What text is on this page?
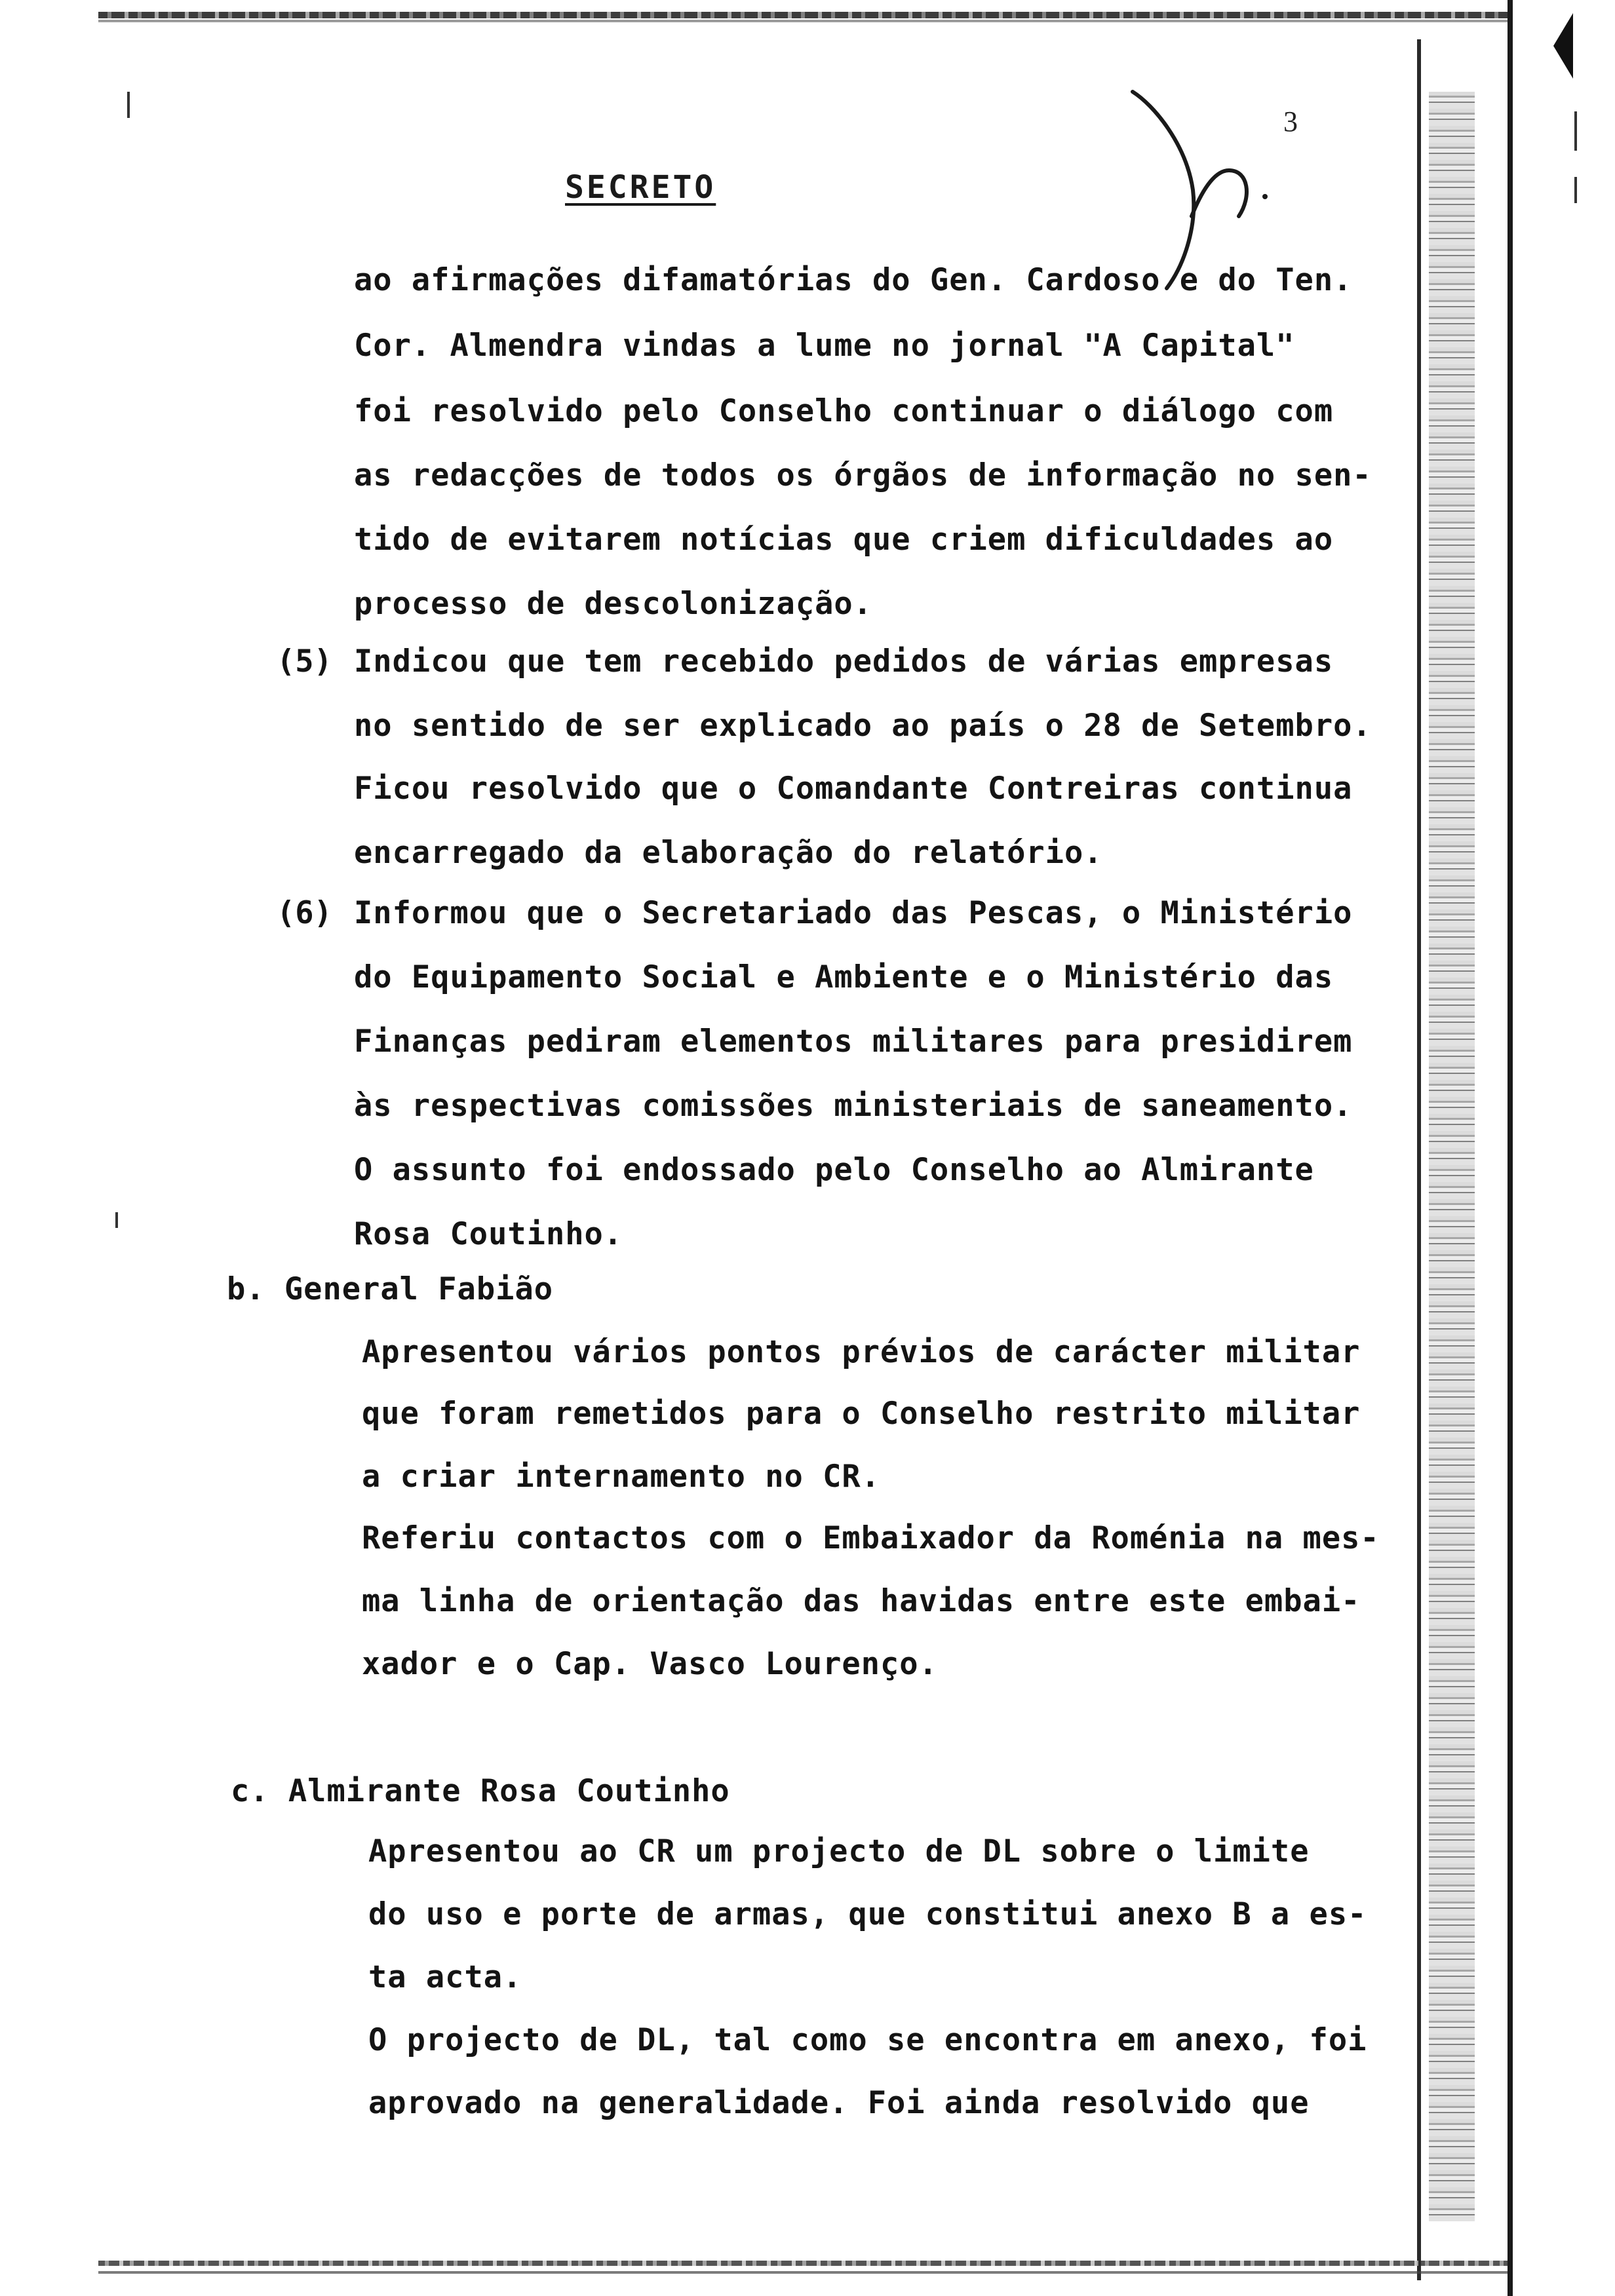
3
SECRETO
ao afirmações difamatórias do Gen. Cardoso e do Ten.
Cor. Almendra vindas a lume no jornal "A Capital"
foi resolvido pelo Conselho continuar o diálogo com
as redacções de todos os órgãos de informação no sen-
tido de evitarem notícias que criem dificuldades ao
processo de descolonização.
(5) Indicou que tem recebido pedidos de várias empresas
no sentido de ser explicado ao país o 28 de Setembro.
Ficou resolvido que o Comandante Contreiras continua
encarregado da elaboração do relatório.
(6) Informou que o Secretariado das Pescas, o Ministério
do Equipamento Social e Ambiente e o Ministério das
Finanças pediram elementos militares para presidirem
às respectivas comissões ministeriais de saneamento.
O assunto foi endossado pelo Conselho ao Almirante
Rosa Coutinho.
b. General Fabião
Apresentou vários pontos prévios de carácter militar
que foram remetidos para o Conselho restrito militar
a criar internamento no CR.
Referiu contactos com o Embaixador da Roménia na mes-
ma linha de orientação das havidas entre este embai-
xador e o Cap. Vasco Lourenço.
c. Almirante Rosa Coutinho
Apresentou ao CR um projecto de DL sobre o limite
do uso e porte de armas, que constitui anexo B a es-
ta acta.
O projecto de DL, tal como se encontra em anexo, foi
aprovado na generalidade. Foi ainda resolvido que
